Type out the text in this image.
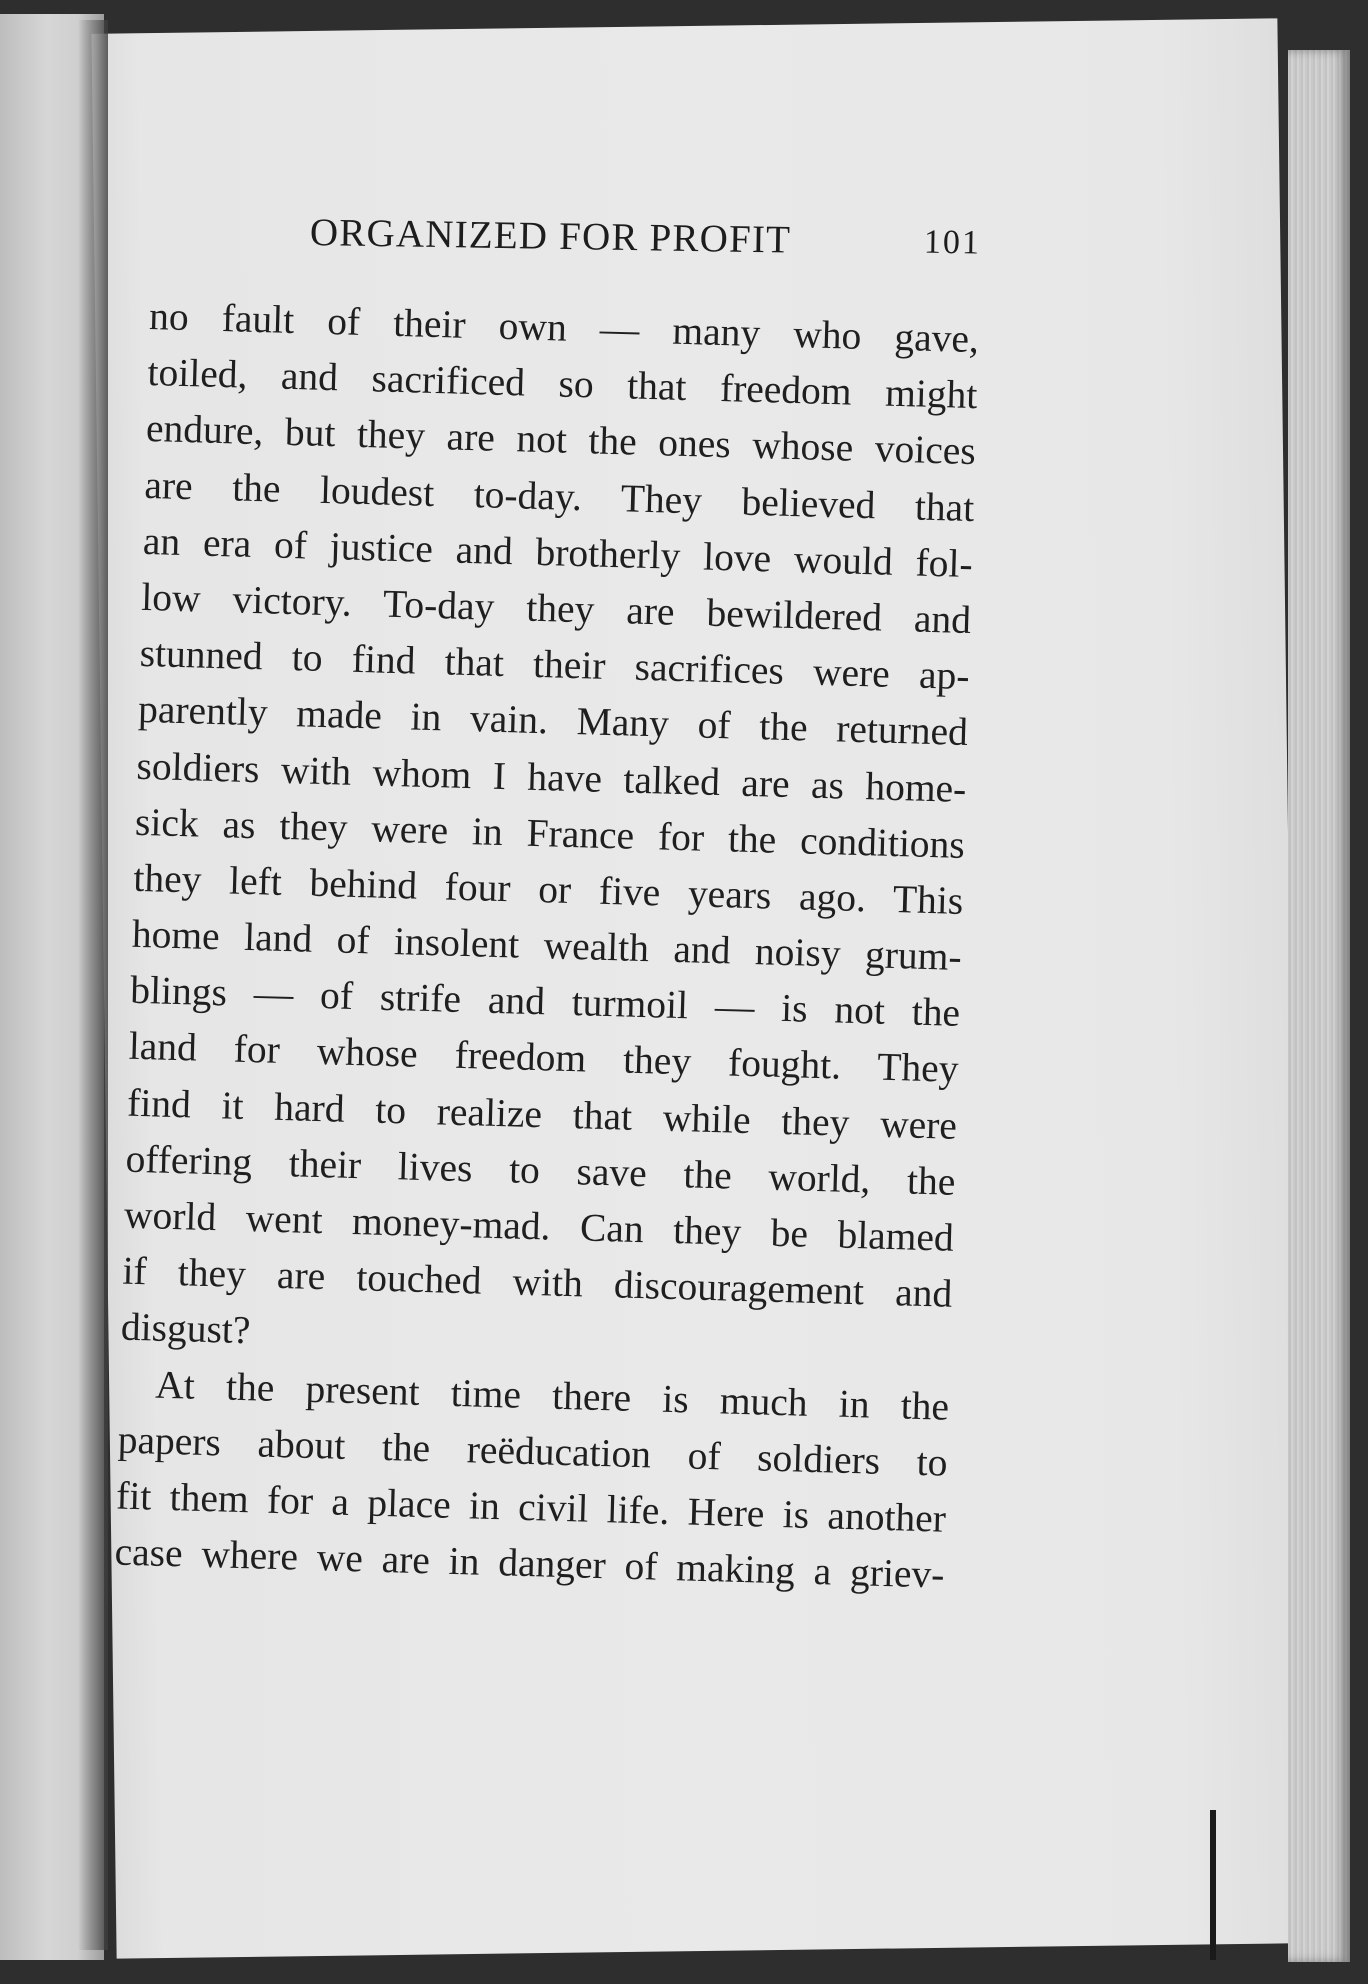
ORGANIZED FOR PROFIT	101
no fault of their own — many who gave,
toiled, and sacrificed so that freedom might
endure, but they are not the ones whose voices
are the loudest to-day. They believed that
an era of justice and brotherly love would fol-
low victory. To-day they are bewildered and
stunned to find that their sacrifices were ap-
parently made in vain. Many of the returned
soldiers with whom I have talked are as home-
sick as they were in France for the conditions
they left behind four or five years ago. This
home land of insolent wealth and noisy grum-
blings — of strife and turmoil — is not the
land for whose freedom they fought. They
find it hard to realize that while they were
offering their lives to save the world, the
world went money-mad. Can they be blamed
if they are touched with discouragement and
disgust?
At the present time there is much in the
papers about the reëducation of soldiers to
fit them for a place in civil life. Here is another
case where we are in danger of making a griev-
